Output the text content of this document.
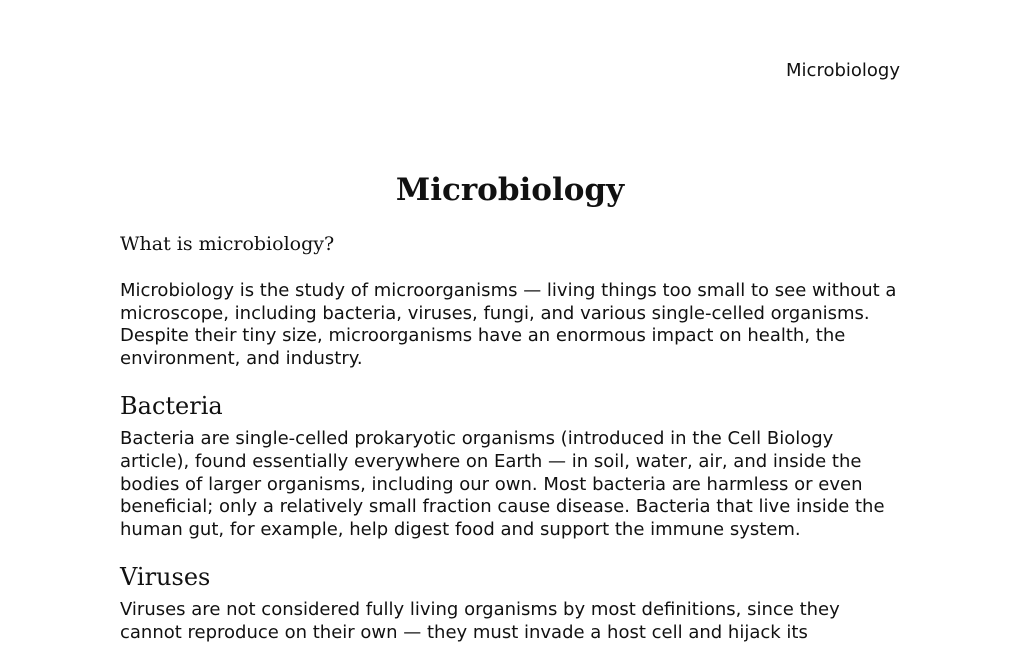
Microbiology
Microbiology
What is microbiology?

Microbiology is the study of microorganisms — living things too small to see without a microscope, including bacteria, viruses, fungi, and various single-celled organisms. Despite their tiny size, microorganisms have an enormous impact on health, the environment, and industry.

Bacteria

Bacteria are single-celled prokaryotic organisms (introduced in the Cell Biology article), found essentially everywhere on Earth — in soil, water, air, and inside the bodies of larger organisms, including our own. Most bacteria are harmless or even beneficial; only a relatively small fraction cause disease. Bacteria that live inside the human gut, for example, help digest food and support the immune system.

Viruses

Viruses are not considered fully living organisms by most definitions, since they cannot reproduce on their own — they must invade a host cell and hijack its
